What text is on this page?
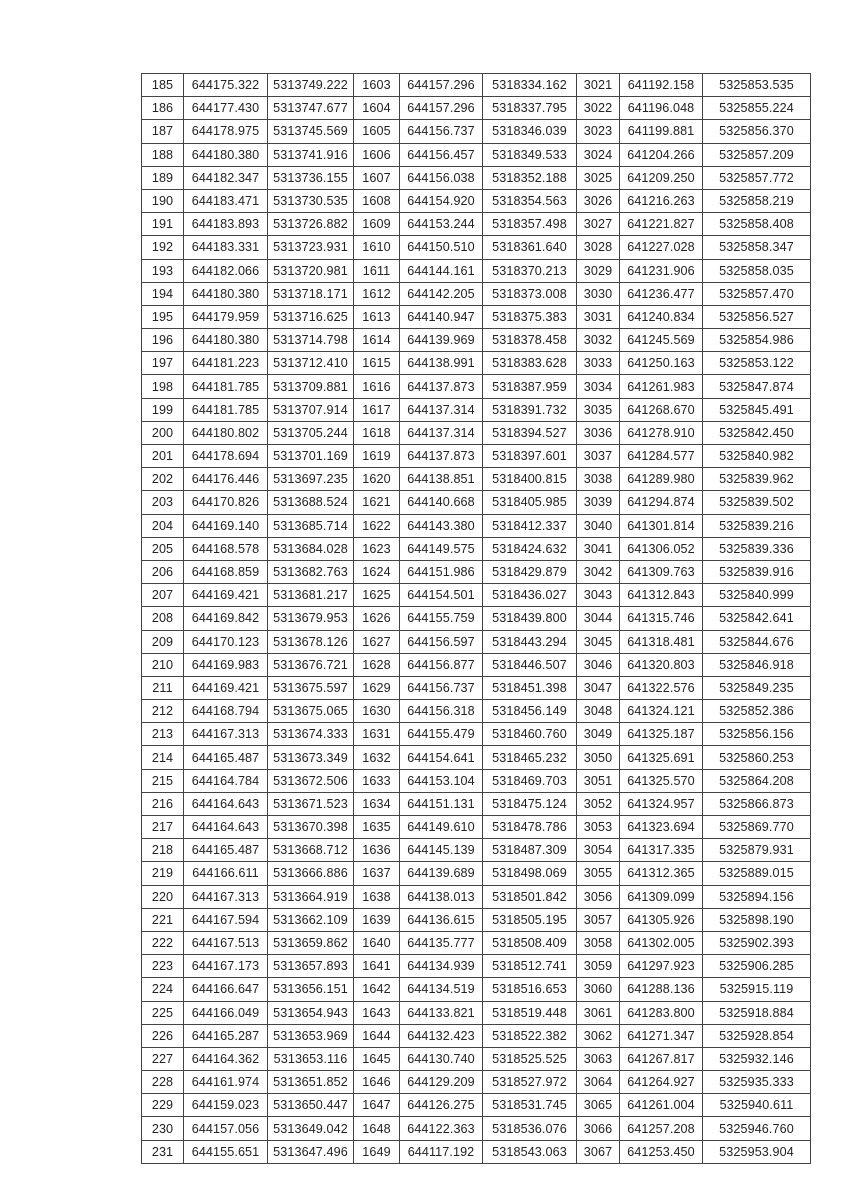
185	644175.322	5313749.222	1603	644157.296	5318334.162	3021	641192.158	5325853.535
186	644177.430	5313747.677	1604	644157.296	5318337.795	3022	641196.048	5325855.224
187	644178.975	5313745.569	1605	644156.737	5318346.039	3023	641199.881	5325856.370
188	644180.380	5313741.916	1606	644156.457	5318349.533	3024	641204.266	5325857.209
189	644182.347	5313736.155	1607	644156.038	5318352.188	3025	641209.250	5325857.772
190	644183.471	5313730.535	1608	644154.920	5318354.563	3026	641216.263	5325858.219
191	644183.893	5313726.882	1609	644153.244	5318357.498	3027	641221.827	5325858.408
192	644183.331	5313723.931	1610	644150.510	5318361.640	3028	641227.028	5325858.347
193	644182.066	5313720.981	1611	644144.161	5318370.213	3029	641231.906	5325858.035
194	644180.380	5313718.171	1612	644142.205	5318373.008	3030	641236.477	5325857.470
195	644179.959	5313716.625	1613	644140.947	5318375.383	3031	641240.834	5325856.527
196	644180.380	5313714.798	1614	644139.969	5318378.458	3032	641245.569	5325854.986
197	644181.223	5313712.410	1615	644138.991	5318383.628	3033	641250.163	5325853.122
198	644181.785	5313709.881	1616	644137.873	5318387.959	3034	641261.983	5325847.874
199	644181.785	5313707.914	1617	644137.314	5318391.732	3035	641268.670	5325845.491
200	644180.802	5313705.244	1618	644137.314	5318394.527	3036	641278.910	5325842.450
201	644178.694	5313701.169	1619	644137.873	5318397.601	3037	641284.577	5325840.982
202	644176.446	5313697.235	1620	644138.851	5318400.815	3038	641289.980	5325839.962
203	644170.826	5313688.524	1621	644140.668	5318405.985	3039	641294.874	5325839.502
204	644169.140	5313685.714	1622	644143.380	5318412.337	3040	641301.814	5325839.216
205	644168.578	5313684.028	1623	644149.575	5318424.632	3041	641306.052	5325839.336
206	644168.859	5313682.763	1624	644151.986	5318429.879	3042	641309.763	5325839.916
207	644169.421	5313681.217	1625	644154.501	5318436.027	3043	641312.843	5325840.999
208	644169.842	5313679.953	1626	644155.759	5318439.800	3044	641315.746	5325842.641
209	644170.123	5313678.126	1627	644156.597	5318443.294	3045	641318.481	5325844.676
210	644169.983	5313676.721	1628	644156.877	5318446.507	3046	641320.803	5325846.918
211	644169.421	5313675.597	1629	644156.737	5318451.398	3047	641322.576	5325849.235
212	644168.794	5313675.065	1630	644156.318	5318456.149	3048	641324.121	5325852.386
213	644167.313	5313674.333	1631	644155.479	5318460.760	3049	641325.187	5325856.156
214	644165.487	5313673.349	1632	644154.641	5318465.232	3050	641325.691	5325860.253
215	644164.784	5313672.506	1633	644153.104	5318469.703	3051	641325.570	5325864.208
216	644164.643	5313671.523	1634	644151.131	5318475.124	3052	641324.957	5325866.873
217	644164.643	5313670.398	1635	644149.610	5318478.786	3053	641323.694	5325869.770
218	644165.487	5313668.712	1636	644145.139	5318487.309	3054	641317.335	5325879.931
219	644166.611	5313666.886	1637	644139.689	5318498.069	3055	641312.365	5325889.015
220	644167.313	5313664.919	1638	644138.013	5318501.842	3056	641309.099	5325894.156
221	644167.594	5313662.109	1639	644136.615	5318505.195	3057	641305.926	5325898.190
222	644167.513	5313659.862	1640	644135.777	5318508.409	3058	641302.005	5325902.393
223	644167.173	5313657.893	1641	644134.939	5318512.741	3059	641297.923	5325906.285
224	644166.647	5313656.151	1642	644134.519	5318516.653	3060	641288.136	5325915.119
225	644166.049	5313654.943	1643	644133.821	5318519.448	3061	641283.800	5325918.884
226	644165.287	5313653.969	1644	644132.423	5318522.382	3062	641271.347	5325928.854
227	644164.362	5313653.116	1645	644130.740	5318525.525	3063	641267.817	5325932.146
228	644161.974	5313651.852	1646	644129.209	5318527.972	3064	641264.927	5325935.333
229	644159.023	5313650.447	1647	644126.275	5318531.745	3065	641261.004	5325940.611
230	644157.056	5313649.042	1648	644122.363	5318536.076	3066	641257.208	5325946.760
231	644155.651	5313647.496	1649	644117.192	5318543.063	3067	641253.450	5325953.904
